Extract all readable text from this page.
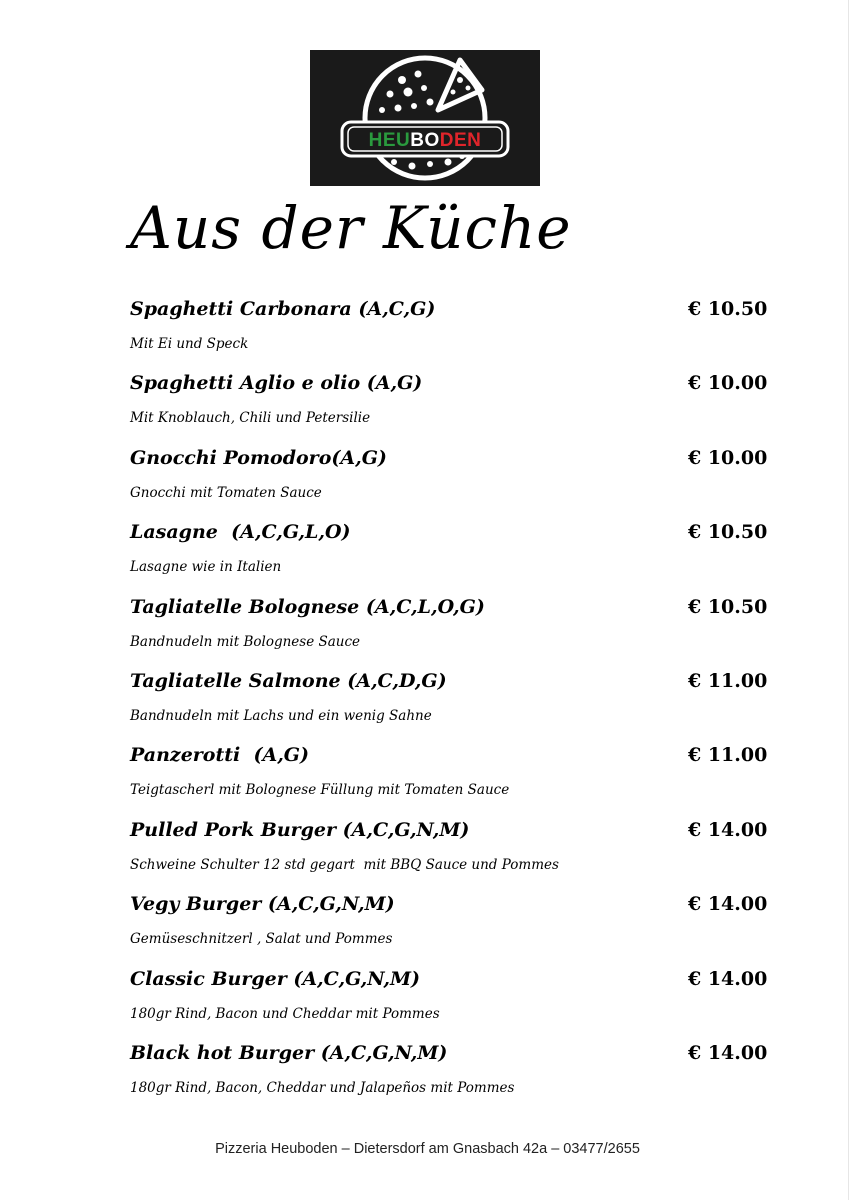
HEUBODEN
Aus der Küche
Spaghetti Carbonara (A,C,G)	€ 10.50
Mit Ei und Speck
Spaghetti Aglio e olio (A,G)	€ 10.00
Mit Knoblauch, Chili und Petersilie
Gnocchi Pomodoro(A,G)	€ 10.00
Gnocchi mit Tomaten Sauce
Lasagne  (A,C,G,L,O)	€ 10.50
Lasagne wie in Italien
Tagliatelle Bolognese (A,C,L,O,G)	€ 10.50
Bandnudeln mit Bolognese Sauce
Tagliatelle Salmone (A,C,D,G)	€ 11.00
Bandnudeln mit Lachs und ein wenig Sahne
Panzerotti  (A,G)	€ 11.00
Teigtascherl mit Bolognese Füllung mit Tomaten Sauce
Pulled Pork Burger (A,C,G,N,M)	€ 14.00
Schweine Schulter 12 std gegart  mit BBQ Sauce und Pommes
Vegy Burger (A,C,G,N,M)	€ 14.00
Gemüseschnitzerl , Salat und Pommes
Classic Burger (A,C,G,N,M)	€ 14.00
180gr Rind, Bacon und Cheddar mit Pommes
Black hot Burger (A,C,G,N,M)	€ 14.00
180gr Rind, Bacon, Cheddar und Jalapeños mit Pommes
Pizzeria Heuboden – Dietersdorf am Gnasbach 42a – 03477/2655
